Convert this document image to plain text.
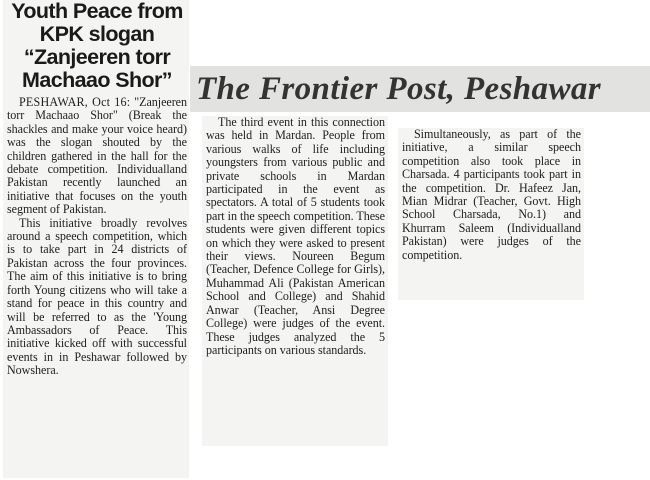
The Frontier Post, Peshawar
Youth Peace from KPK slogan “Zanjeeren torr Machaao Shor”

PESHAWAR, Oct 16: "Zanjeeren torr Machaao Shor" (Break the shackles and make your voice heard) was the slogan shouted by the children gathered in the hall for the debate competition. Individualland Pakistan recently launched an initiative that focuses on the youth segment of Pakistan.

This initiative broadly revolves around a speech competition, which is to take part in 24 districts of Pakistan across the four provinces. The aim of this initiative is to bring forth Young citizens who will take a stand for peace in this country and will be referred to as the 'Young Ambassadors of Peace. This initiative kicked off with successful events in in Peshawar followed by Nowshera.

The third event in this connection was held in Mardan. People from various walks of life including youngsters from various public and private schools in Mardan participated in the event as spectators. A total of 5 students took part in the speech competition. These students were given different topics on which they were asked to present their views. Noureen Begum (Teacher, Defence College for Girls), Muhammad Ali (Pakistan American School and College) and Shahid Anwar (Teacher, Ansi Degree College) were judges of the event. These judges analyzed the 5 participants on various standards.

Simultaneously, as part of the initiative, a similar speech competition also took place in Charsada. 4 participants took part in the competition. Dr. Hafeez Jan, Mian Midrar (Teacher, Govt. High School Charsada, No.1) and Khurram Saleem (Individualland Pakistan) were judges of the competition.
